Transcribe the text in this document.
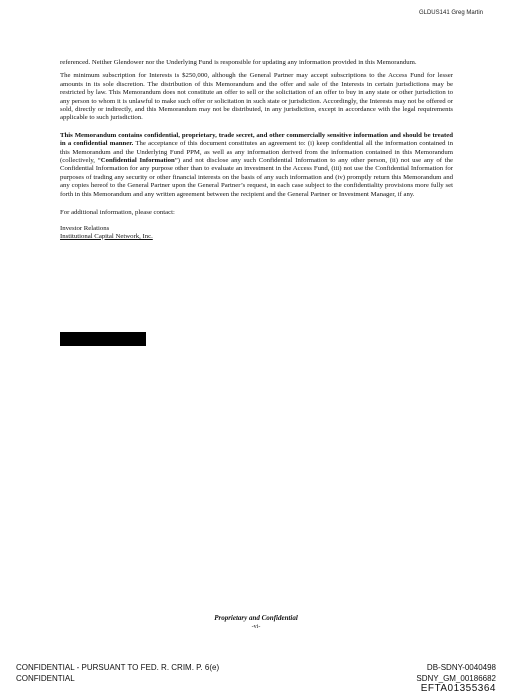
GLDUS141 Greg Martin

referenced. Neither Glendower nor the Underlying Fund is responsible for updating any information provided in this Memorandum.

The minimum subscription for Interests is $250,000, although the General Partner may accept subscriptions to the Access Fund for lesser amounts in its sole discretion. The distribution of this Memorandum and the offer and sale of the Interests in certain jurisdictions may be restricted by law. This Memorandum does not constitute an offer to sell or the solicitation of an offer to buy in any state or other jurisdiction to any person to whom it is unlawful to make such offer or solicitation in such state or jurisdiction. Accordingly, the Interests may not be offered or sold, directly or indirectly, and this Memorandum may not be distributed, in any jurisdiction, except in accordance with the legal requirements applicable to such jurisdiction.

This Memorandum contains confidential, proprietary, trade secret, and other commercially sensitive information and should be treated in a confidential manner. The acceptance of this document constitutes an agreement to: (i) keep confidential all the information contained in this Memorandum and the Underlying Fund PPM, as well as any information derived from the information contained in this Memorandum (collectively, “Confidential Information”) and not disclose any such Confidential Information to any other person, (ii) not use any of the Confidential Information for any purpose other than to evaluate an investment in the Access Fund, (iii) not use the Confidential Information for purposes of trading any security or other financial interests on the basis of any such information and (iv) promptly return this Memorandum and any copies hereof to the General Partner upon the General Partner’s request, in each case subject to the confidentiality provisions more fully set forth in this Memorandum and any written agreement between the recipient and the General Partner or Investment Manager, if any.

For additional information, please contact:

Investor Relations
Institutional Capital Network, Inc.

Proprietary and Confidential
-vi-
CONFIDENTIAL - PURSUANT TO FED. R. CRIM. P. 6(e)
CONFIDENTIAL
DB-SDNY-0040498
SDNY_GM_00186682
EFTA01355364
